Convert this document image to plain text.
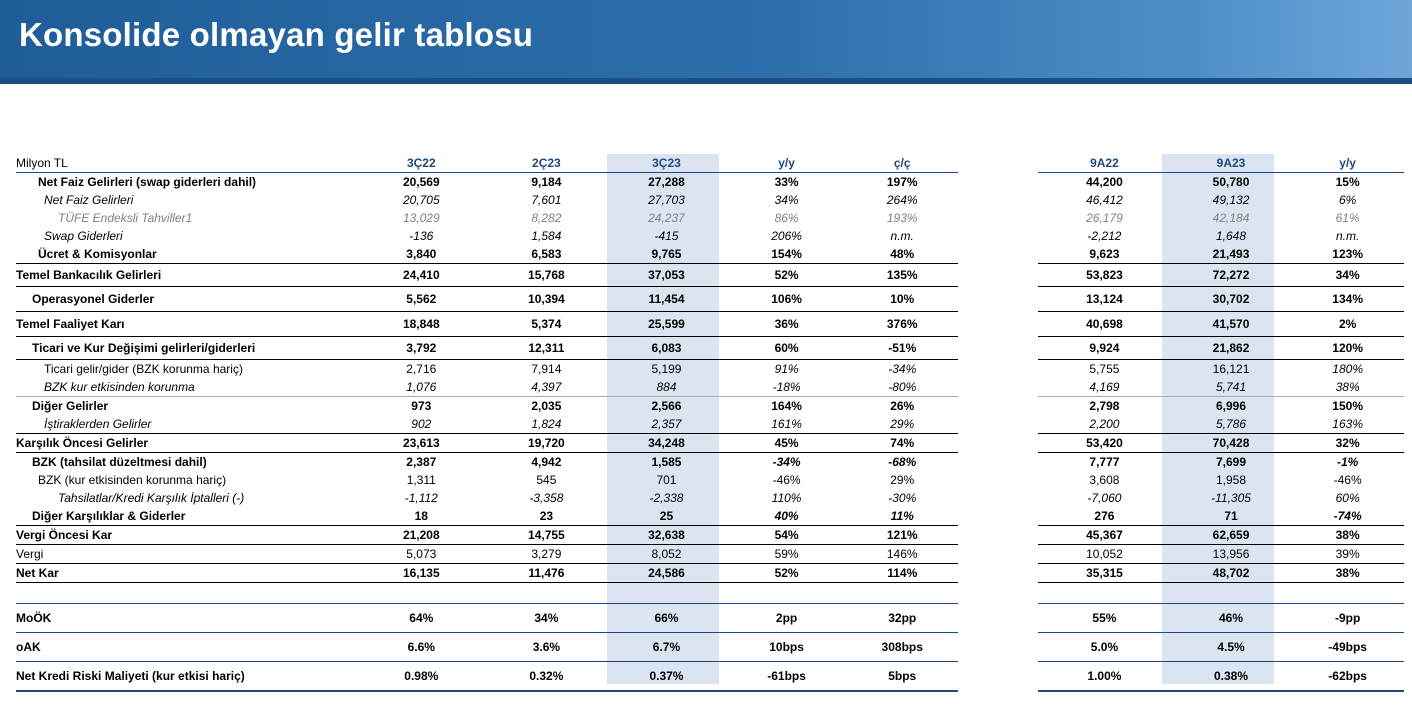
Konsolide olmayan gelir tablosu
Milyon TL	3Ç22	2Ç23	3Ç23	y/y	ç/ç		9A22	9A23	y/y	
Net Faiz Gelirleri (swap giderleri dahil)	20,569	9,184	27,288	33%	197%		44,200	50,780	15%	
Net Faiz Gelirleri	20,705	7,601	27,703	34%	264%		46,412	49,132	6%	
TÜFE Endeksli Tahviller1	13,029	8,282	24,237	86%	193%		26,179	42,184	61%	
Swap Giderleri	-136	1,584	-415	206%	n.m.		-2,212	1,648	n.m.	
Ücret & Komisyonlar	3,840	6,583	9,765	154%	48%		9,623	21,493	123%	
Temel Bankacılık Gelirleri	24,410	15,768	37,053	52%	135%		53,823	72,272	34%	
Operasyonel Giderler	5,562	10,394	11,454	106%	10%		13,124	30,702	134%	
Temel Faaliyet Karı	18,848	5,374	25,599	36%	376%		40,698	41,570	2%	
Ticari ve Kur Değişimi gelirleri/giderleri	3,792	12,311	6,083	60%	-51%		9,924	21,862	120%	
Ticari gelir/gider (BZK korunma hariç)	2,716	7,914	5,199	91%	-34%		5,755	16,121	180%	
BZK kur etkisinden korunma	1,076	4,397	884	-18%	-80%		4,169	5,741	38%	
Diğer Gelirler	973	2,035	2,566	164%	26%		2,798	6,996	150%	
İştiraklerden Gelirler	902	1,824	2,357	161%	29%		2,200	5,786	163%	
Karşılık Öncesi Gelirler	23,613	19,720	34,248	45%	74%		53,420	70,428	32%	
BZK (tahsilat düzeltmesi dahil)	2,387	4,942	1,585	-34%	-68%		7,777	7,699	-1%	
BZK (kur etkisinden korunma hariç)	1,311	545	701	-46%	29%		3,608	1,958	-46%	
Tahsilatlar/Kredi Karşılık İptalleri (-)	-1,112	-3,358	-2,338	110%	-30%		-7,060	-11,305	60%	
Diğer Karşılıklar & Giderler	18	23	25	40%	11%		276	71	-74%	
Vergi Öncesi Kar	21,208	14,755	32,638	54%	121%		45,367	62,659	38%	
Vergi	5,073	3,279	8,052	59%	146%		10,052	13,956	39%	
Net Kar	16,135	11,476	24,586	52%	114%		35,315	48,702	38%	

MoÖK	64%	34%	66%	2pp	32pp		55%	46%	-9pp	
oAK	6.6%	3.6%	6.7%	10bps	308bps		5.0%	4.5%	-49bps	
Net Kredi Riski Maliyeti (kur etkisi hariç)	0.98%	0.32%	0.37%	-61bps	5bps		1.00%	0.38%	-62bps	
